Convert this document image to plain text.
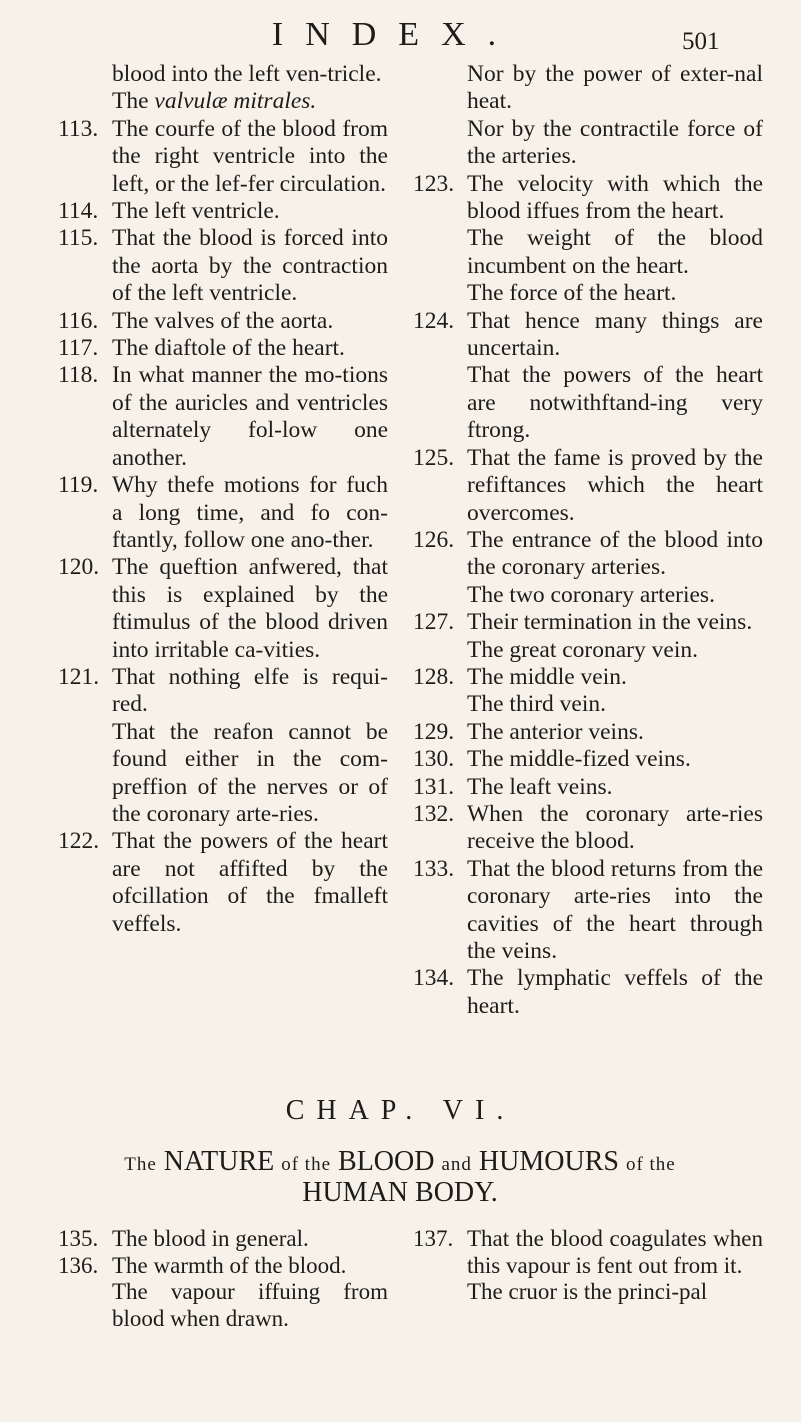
INDEX.	501
blood into the left ven-tricle.
The valvulæ mitrales.
113. The courfe of the blood from the right ventricle into the left, or the lef-fer circulation.
114. The left ventricle.
115. That the blood is forced into the aorta by the contraction of the left ventricle.
116. The valves of the aorta.
117. The diaftole of the heart.
118. In what manner the mo-tions of the auricles and ventricles alternately fol-low one another.
119. Why thefe motions for fuch a long time, and fo con-ftantly, follow one ano-ther.
120. The queftion anfwered, that this is explained by the ftimulus of the blood driven into irritable ca-vities.
121. That nothing elfe is requi-red.
That the reafon cannot be found either in the com-preffion of the nerves or of the coronary arte-ries.
122. That the powers of the heart are not affifted by the ofcillation of the fmalleft veffels.
Nor by the power of exter-nal heat.
Nor by the contractile force of the arteries.
123. The velocity with which the blood iffues from the heart.
The weight of the blood incumbent on the heart.
The force of the heart.
124. That hence many things are uncertain.
That the powers of the heart are notwithftand-ing very ftrong.
125. That the fame is proved by the refiftances which the heart overcomes.
126. The entrance of the blood into the coronary arteries.
The two coronary arteries.
127. Their termination in the veins.
The great coronary vein.
128. The middle vein.
The third vein.
129. The anterior veins.
130. The middle-fized veins.
131. The leaft veins.
132. When the coronary arte-ries receive the blood.
133. That the blood returns from the coronary arte-ries into the cavities of the heart through the veins.
134. The lymphatic veffels of the heart.
CHAP. VI.
The NATURE of the BLOOD and HUMOURS of the
HUMAN BODY.
135. The blood in general.
136. The warmth of the blood.
The vapour iffuing from blood when drawn.
137. That the blood coagulates when this vapour is fent out from it.
The cruor is the princi-pal
